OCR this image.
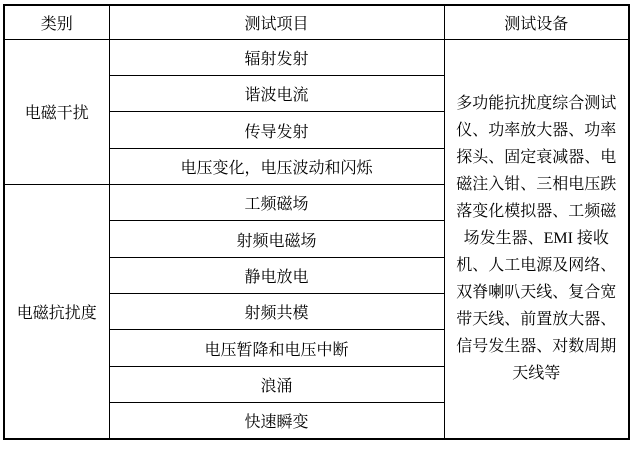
类别	测试项目	测试设备
电磁干扰	辐射发射	多功能抗扰度综合测试仪、功率放大器、功率探头、固定衰减器、电磁注入钳、三相电压跌落变化模拟器、工频磁场发生器、EMI 接收机、人工电源及网络、双脊喇叭天线、复合宽带天线、前置放大器、信号发生器、对数周期天线等
	谐波电流	
	传导发射	
	电压变化，电压波动和闪烁	
电磁抗扰度	工频磁场	
	射频电磁场	
	静电放电	
	射频共模	
	电压暂降和电压中断	
	浪涌	
	快速瞬变	
